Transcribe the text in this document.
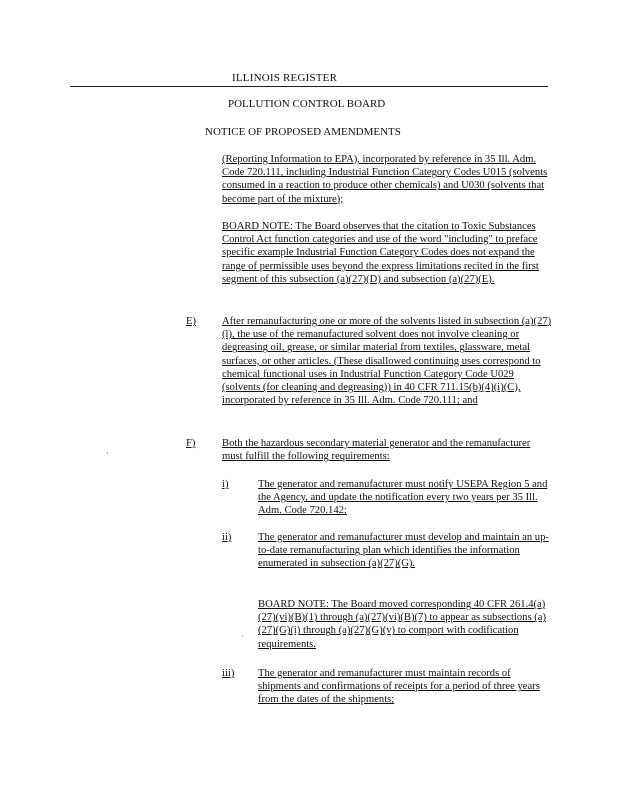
ILLINOIS REGISTER
POLLUTION CONTROL BOARD
NOTICE OF PROPOSED AMENDMENTS
(Reporting Information to EPA), incorporated by reference in 35 Ill. Adm. Code 720.111, including Industrial Function Category Codes U015 (solvents consumed in a reaction to produce other chemicals) and U030 (solvents that become part of the mixture);
BOARD NOTE: The Board observes that the citation to Toxic Substances Control Act function categories and use of the word "including" to preface specific example Industrial Function Category Codes does not expand the range of permissible uses beyond the express limitations recited in the first segment of this subsection (a)(27)(D) and subsection (a)(27)(E).
E) After remanufacturing one or more of the solvents listed in subsection (a)(27)(l), the use of the remanufactured solvent does not involve cleaning or degreasing oil, grease, or similar material from textiles, glassware, metal surfaces, or other articles. (These disallowed continuing uses correspond to chemical functional uses in Industrial Function Category Code U029 (solvents (for cleaning and degreasing)) in 40 CFR 711.15(b)(4)(i)(C), incorporated by reference in 35 Ill. Adm. Code 720.111; and
F)	Both the hazardous secondary material generator and the remanufacturer must fulfill the following requirements:
·
i)	The generator and remanufacturer must notify USEPA Region 5 and the Agency, and update the notification every two years per 35 Ill. Adm. Code 720.142;
ii)	The generator and remanufacturer must develop and maintain an up-to-date remanufacturing plan which identifies the information enumerated in subsection (a)(27)(G).
BOARD NOTE: The Board moved corresponding 40 CFR 261.4(a)(27)(vi)(B)(1) through (a)(27)(vi)(B)(7) to appear as subsections (a)(27)(G)(i) through (a)(27)(G)(v) to comport with codification requirements.
·
iii) The generator and remanufacturer must maintain records of shipments and confirmations of receipts for a period of three years from the dates of the shipments;
